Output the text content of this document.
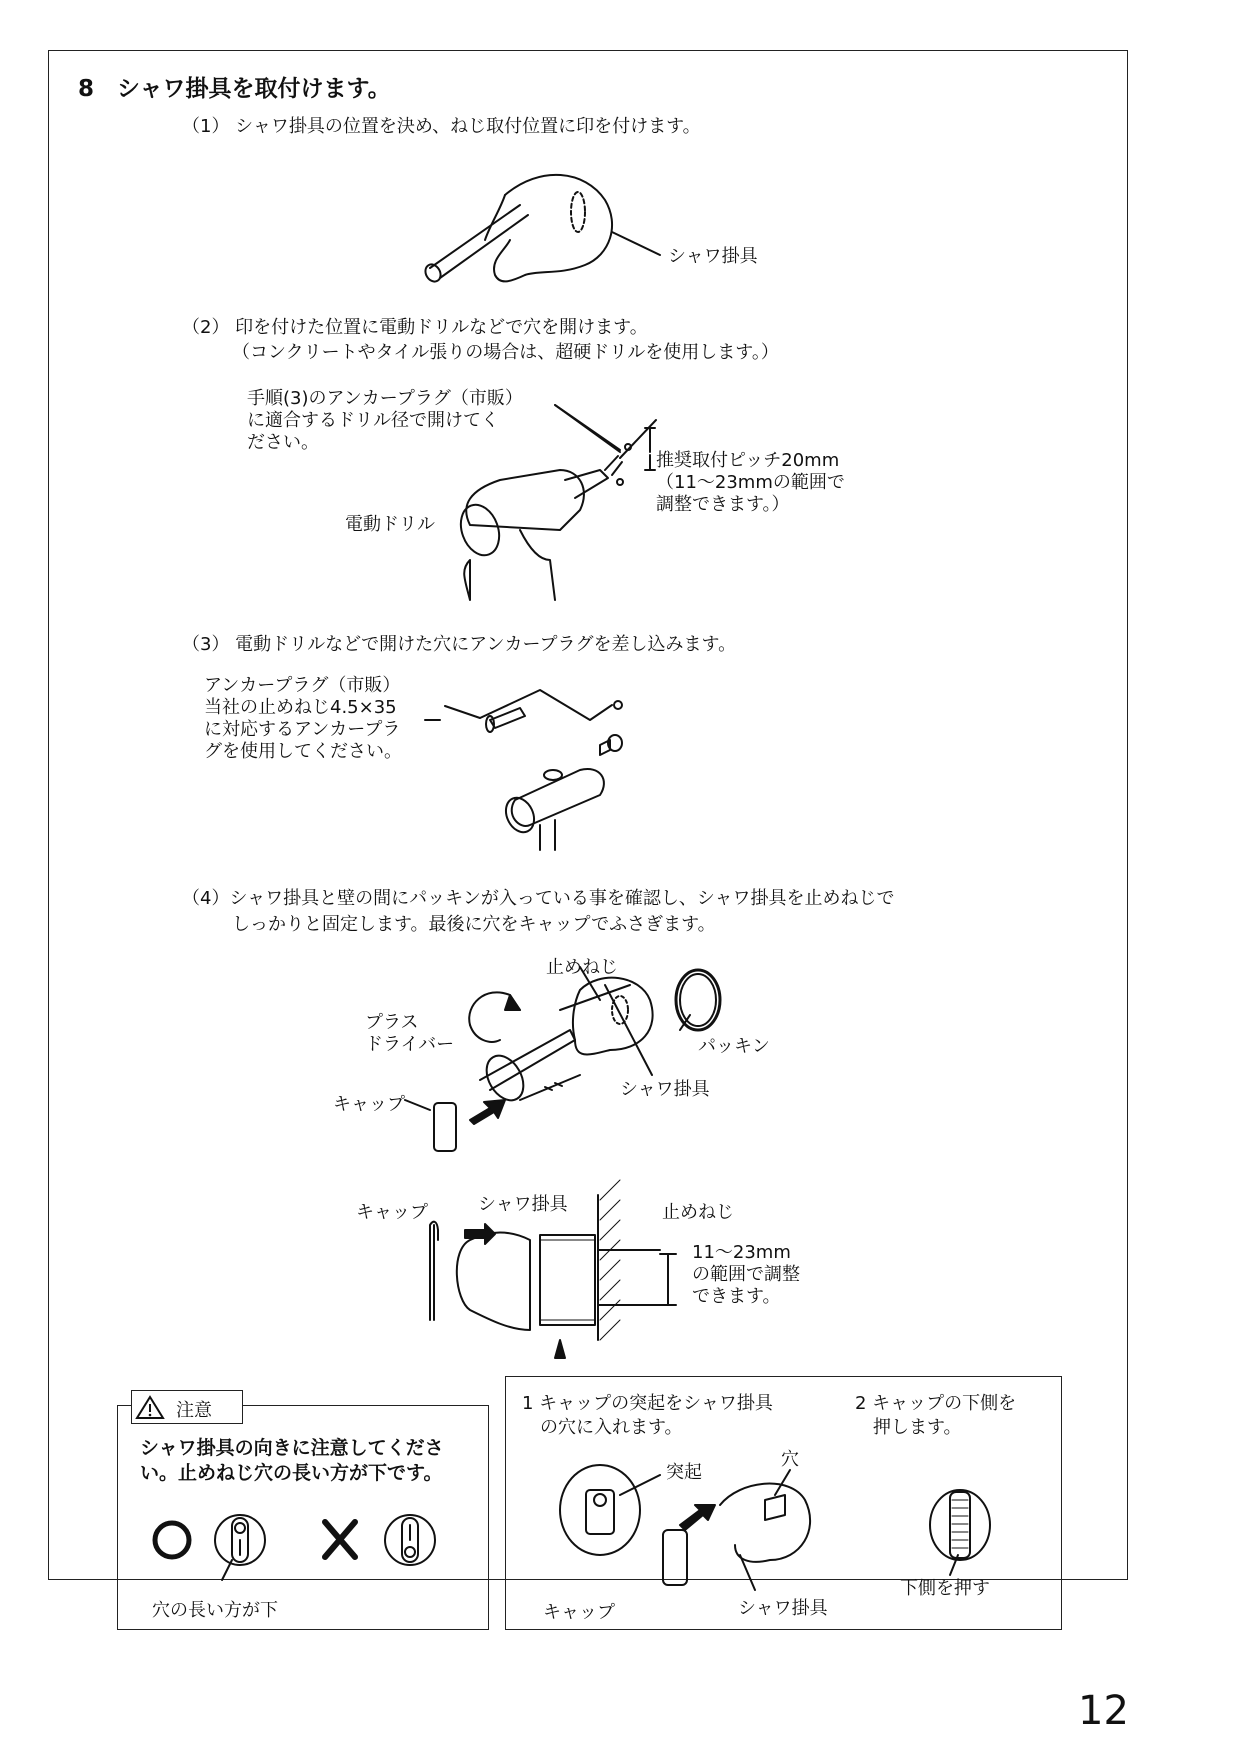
8　シャワ掛具を取付けます。
（1） シャワ掛具の位置を決め、ねじ取付位置に印を付けます。
シャワ掛具
（2） 印を付けた位置に電動ドリルなどで穴を開けます。
（コンクリートやタイル張りの場合は、超硬ドリルを使用します。）
手順(3)のアンカープラグ（市販）
に適合するドリル径で開けてく
ださい。
推奨取付ピッチ20mm
（11～23mmの範囲で
調整できます。）
電動ドリル
（3） 電動ドリルなどで開けた穴にアンカープラグを差し込みます。
アンカープラグ（市販）
当社の止めねじ4.5×35
に対応するアンカープラ
グを使用してください。
（4）シャワ掛具と壁の間にパッキンが入っている事を確認し、シャワ掛具を止めねじで
しっかりと固定します。最後に穴をキャップでふさぎます。
止めねじ
プラス
ドライバー	パッキン
シャワ掛具
キャップ
キャップ	シャワ掛具	止めねじ
11～23mm
の範囲で調整
できます。
注意
シャワ掛具の向きに注意してくださ
い。止めねじ穴の長い方が下です。
穴の長い方が下
1 キャップの突起をシャワ掛具
　の穴に入れます。
2 キャップの下側を
　押します。
突起
穴
キャップ	シャワ掛具
下側を押す
12
